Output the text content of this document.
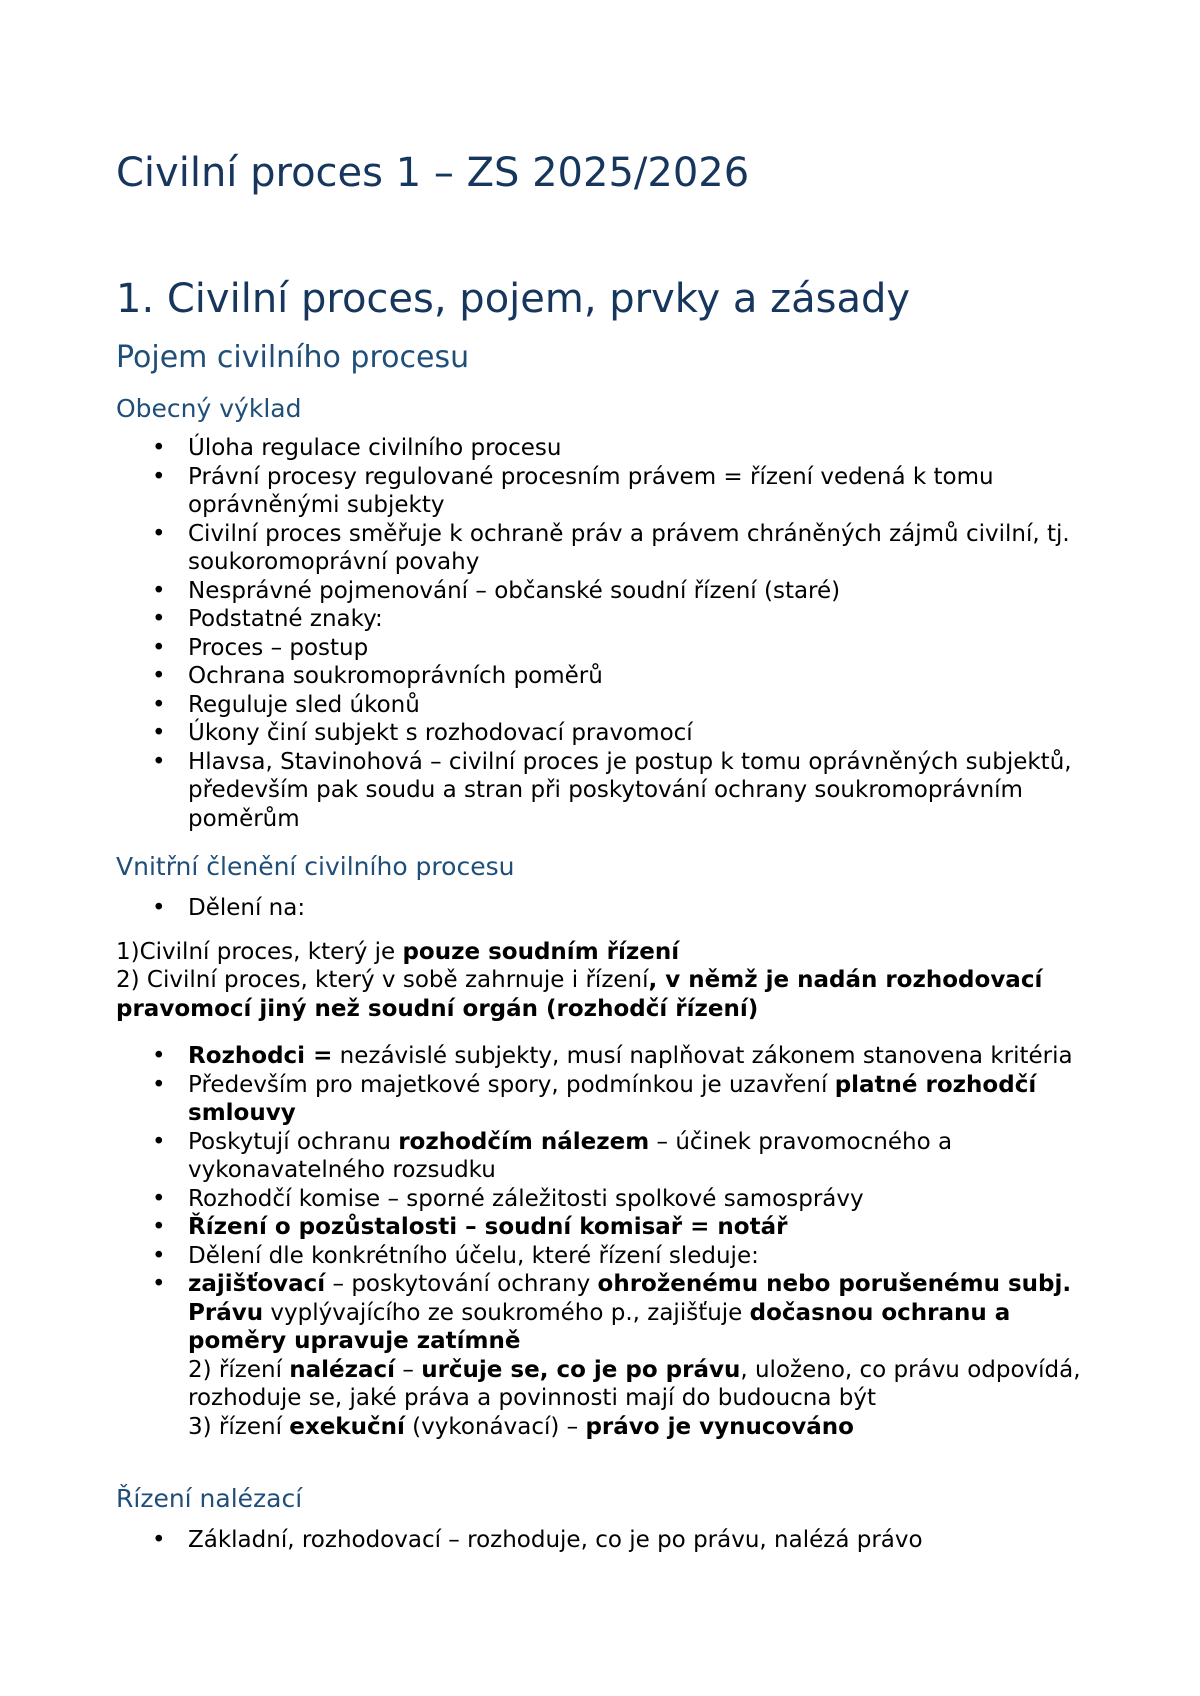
Civilní proces 1 – ZS 2025/2026
1. Civilní proces, pojem, prvky a zásady
Pojem civilního procesu
Obecný výklad
• Úloha regulace civilního procesu
• Právní procesy regulované procesním právem = řízení vedená k tomu oprávněnými subjekty
• Civilní proces směřuje k ochraně práv a právem chráněných zájmů civilní, tj. soukoromoprávní povahy
• Nesprávné pojmenování – občanské soudní řízení (staré)
• Podstatné znaky:
• Proces – postup
• Ochrana soukromoprávních poměrů
• Reguluje sled úkonů
• Úkony činí subjekt s rozhodovací pravomocí
• Hlavsa, Stavinohová – civilní proces je postup k tomu oprávněných subjektů, především pak soudu a stran při poskytování ochrany soukromoprávním poměrům
Vnitřní členění civilního procesu
• Dělení na:

1)Civilní proces, který je pouze soudním řízení

2) Civilní proces, který v sobě zahrnuje i řízení, v němž je nadán rozhodovací pravomocí jiný než soudní orgán (rozhodčí řízení)

• Rozhodci = nezávislé subjekty, musí naplňovat zákonem stanovena kritéria
• Především pro majetkové spory, podmínkou je uzavření platné rozhodčí smlouvy
• Poskytují ochranu rozhodčím nálezem – účinek pravomocného a vykonavatelného rozsudku
• Rozhodčí komise – sporné záležitosti spolkové samosprávy
• Řízení o pozůstalosti – soudní komisař = notář
• Dělení dle konkrétního účelu, které řízení sleduje:
• zajišťovací – poskytování ochrany ohroženému nebo porušenému subj. Právu vyplývajícího ze soukromého p., zajišťuje dočasnou ochranu a poměry upravuje zatímně
2) řízení nalézací – určuje se, co je po právu, uloženo, co právu odpovídá, rozhoduje se, jaké práva a povinnosti mají do budoucna být
3) řízení exekuční (vykonávací) – právo je vynucováno
Řízení nalézací
• Základní, rozhodovací – rozhoduje, co je po právu, nalézá právo
